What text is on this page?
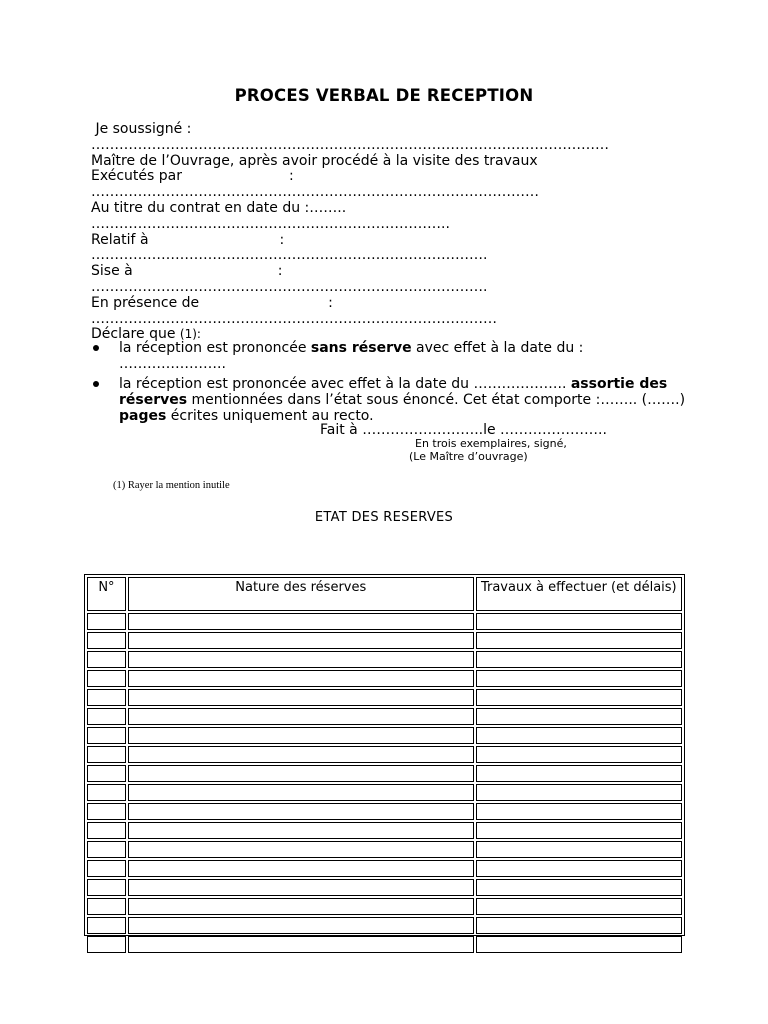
PROCES VERBAL DE RECEPTION
Je soussigné :
…………………………………………………………………………………………………
Maître de l’Ouvrage, après avoir procédé à la visite des travaux
Exécutés par	:
……………………………………………………………………………………
Au titre du contrat en date du :……..
…………………………………………………………………..
Relatif à	:
………………………………………………………………………….
Sise à	:
………………………………………………………………………….
En présence de	:
……………………………………………………………………………
Déclare que (1):
la réception est prononcée sans réserve avec effet à la date du : …………………..
la réception est prononcée avec effet à la date du ……………….. assortie des réserves mentionnées dans l’état sous énoncé. Cet état comporte :…….. (…….) pages écrites uniquement au recto.
Fait à ……………………..le …………………..
En trois exemplaires, signé,
(Le Maître d’ouvrage)
(1) Rayer la mention inutile
ETAT DES RESERVES
N°	Nature des réserves	Travaux à effectuer (et délais)
